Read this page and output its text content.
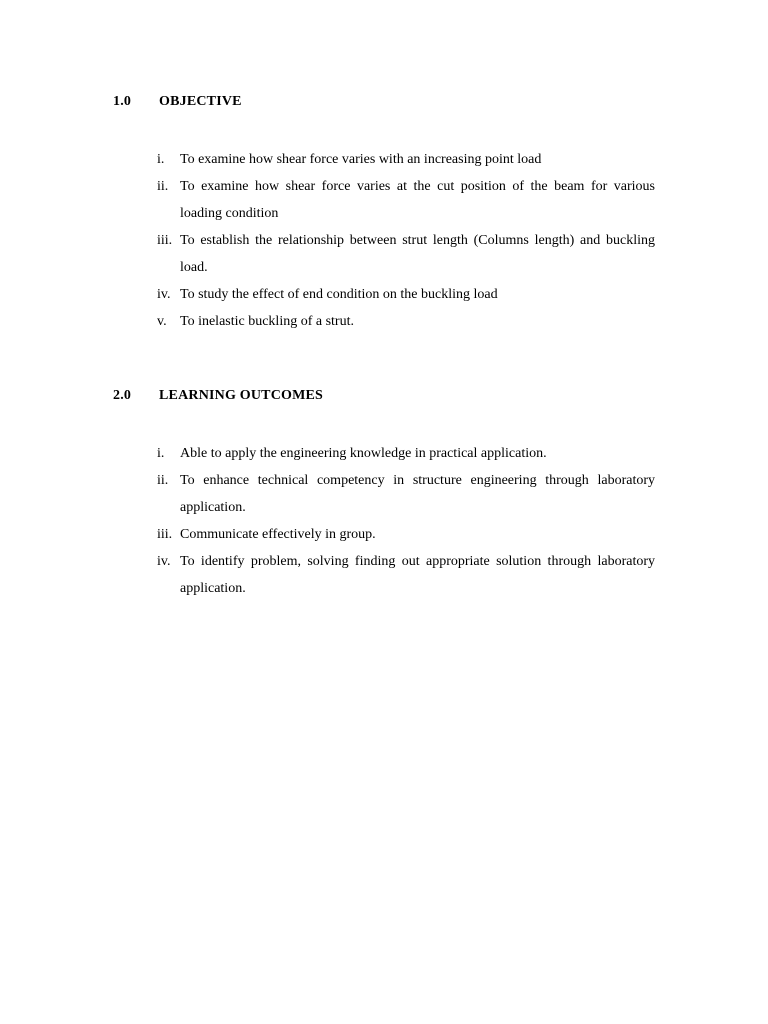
1.0	OBJECTIVE
i.	To examine how shear force varies with an increasing point load
ii. To examine how shear force varies at the cut position of the beam for various loading condition
iii. To establish the relationship between strut length (Columns length) and buckling load.
iv. To study the effect of end condition on the buckling load
v. To inelastic buckling of a strut.
2.0	LEARNING OUTCOMES
i.	Able to apply the engineering knowledge in practical application.
ii. To enhance technical competency in structure engineering through laboratory application.
iii. Communicate effectively in group.
iv. To identify problem, solving finding out appropriate solution through laboratory application.
